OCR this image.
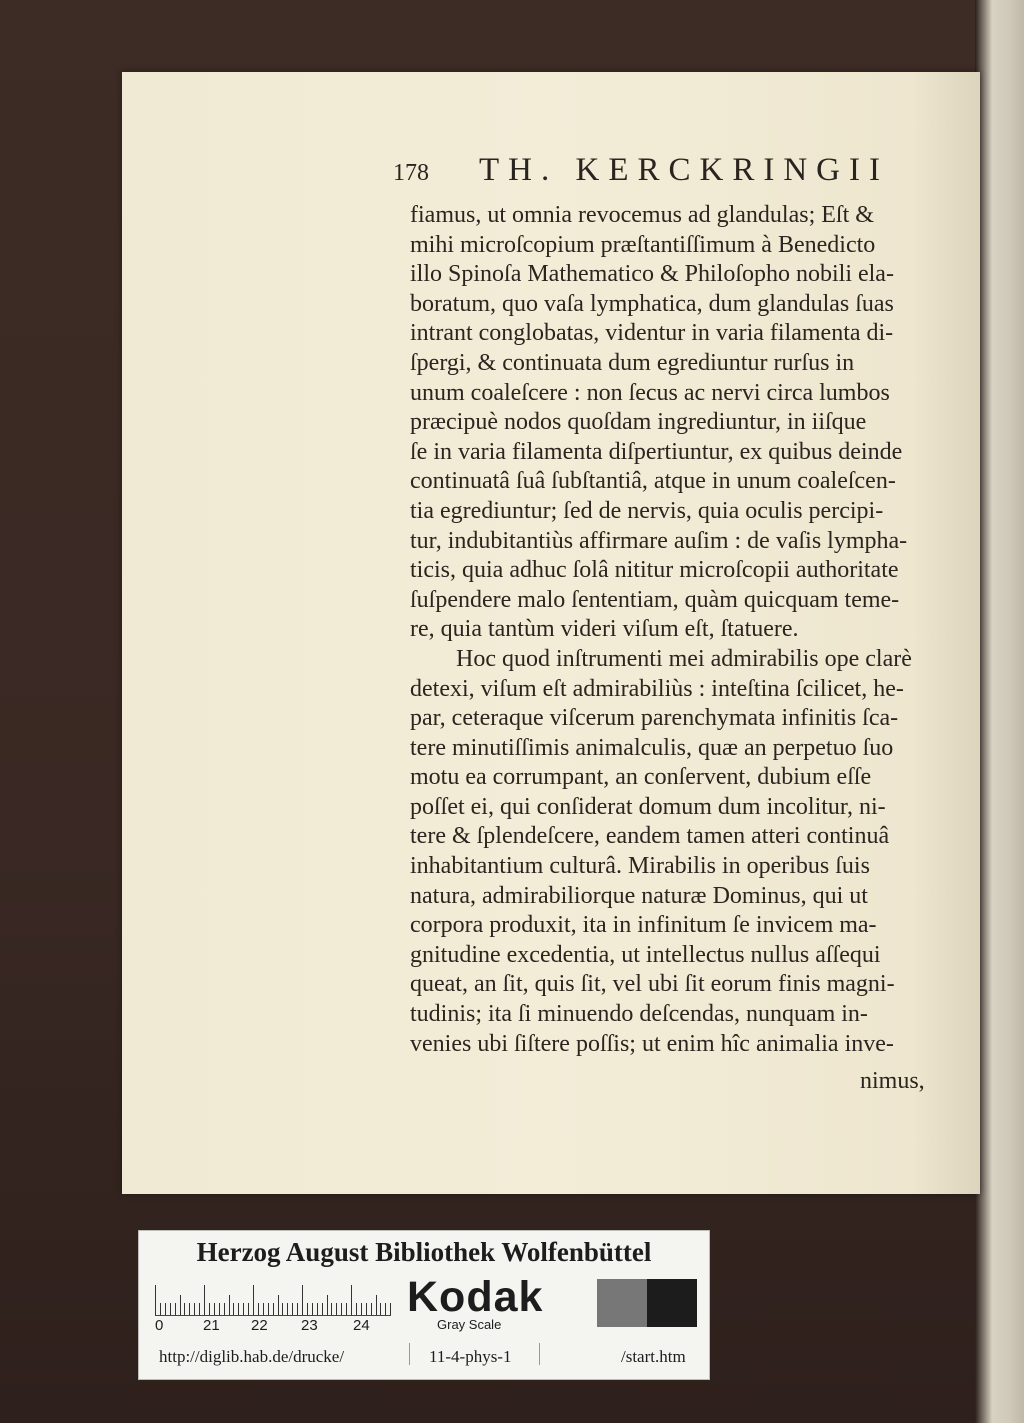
178 TH. KERCKRINGII
fiamus, ut omnia revocemus ad glandulas; Eſt &
mihi microſcopium præſtantiſſimum à Benedicto
illo Spinoſa Mathematico & Philoſopho nobili ela-
boratum, quo vaſa lymphatica, dum glandulas ſuas
intrant conglobatas, videntur in varia filamenta di-
ſpergi, & continuata dum egrediuntur rurſus in
unum coaleſcere : non ſecus ac nervi circa lumbos
præcipuè nodos quoſdam ingrediuntur, in iiſque
ſe in varia filamenta diſpertiuntur, ex quibus deinde
continuatâ ſuâ ſubſtantiâ, atque in unum coaleſcen-
tia egrediuntur; ſed de nervis, quia oculis percipi-
tur, indubitantiùs affirmare auſim : de vaſis lympha-
ticis, quia adhuc ſolâ nititur microſcopii authoritate
ſuſpendere malo ſententiam, quàm quicquam teme-
re, quia tantùm videri viſum eſt, ſtatuere.
Hoc quod inſtrumenti mei admirabilis ope clarè
detexi, viſum eſt admirabiliùs : inteſtina ſcilicet, he-
par, ceteraque viſcerum parenchymata infinitis ſca-
tere minutiſſimis animalculis, quæ an perpetuo ſuo
motu ea corrumpant, an conſervent, dubium eſſe
poſſet ei, qui conſiderat domum dum incolitur, ni-
tere & ſplendeſcere, eandem tamen atteri continuâ
inhabitantium culturâ. Mirabilis in operibus ſuis
natura, admirabiliorque naturæ Dominus, qui ut
corpora produxit, ita in infinitum ſe invicem ma-
gnitudine excedentia, ut intellectus nullus aſſequi
queat, an ſit, quis ſit, vel ubi ſit eorum finis magni-
tudinis; ita ſi minuendo deſcendas, nunquam in-
venies ubi ſiſtere poſſis; ut enim hîc animalia inve-
nimus,
Herzog August Bibliothek Wolfenbüttel
0	21 22 23 24
Kodak
Gray Scale
http://diglib.hab.de/drucke/	11-4-phys-1	/start.htm
